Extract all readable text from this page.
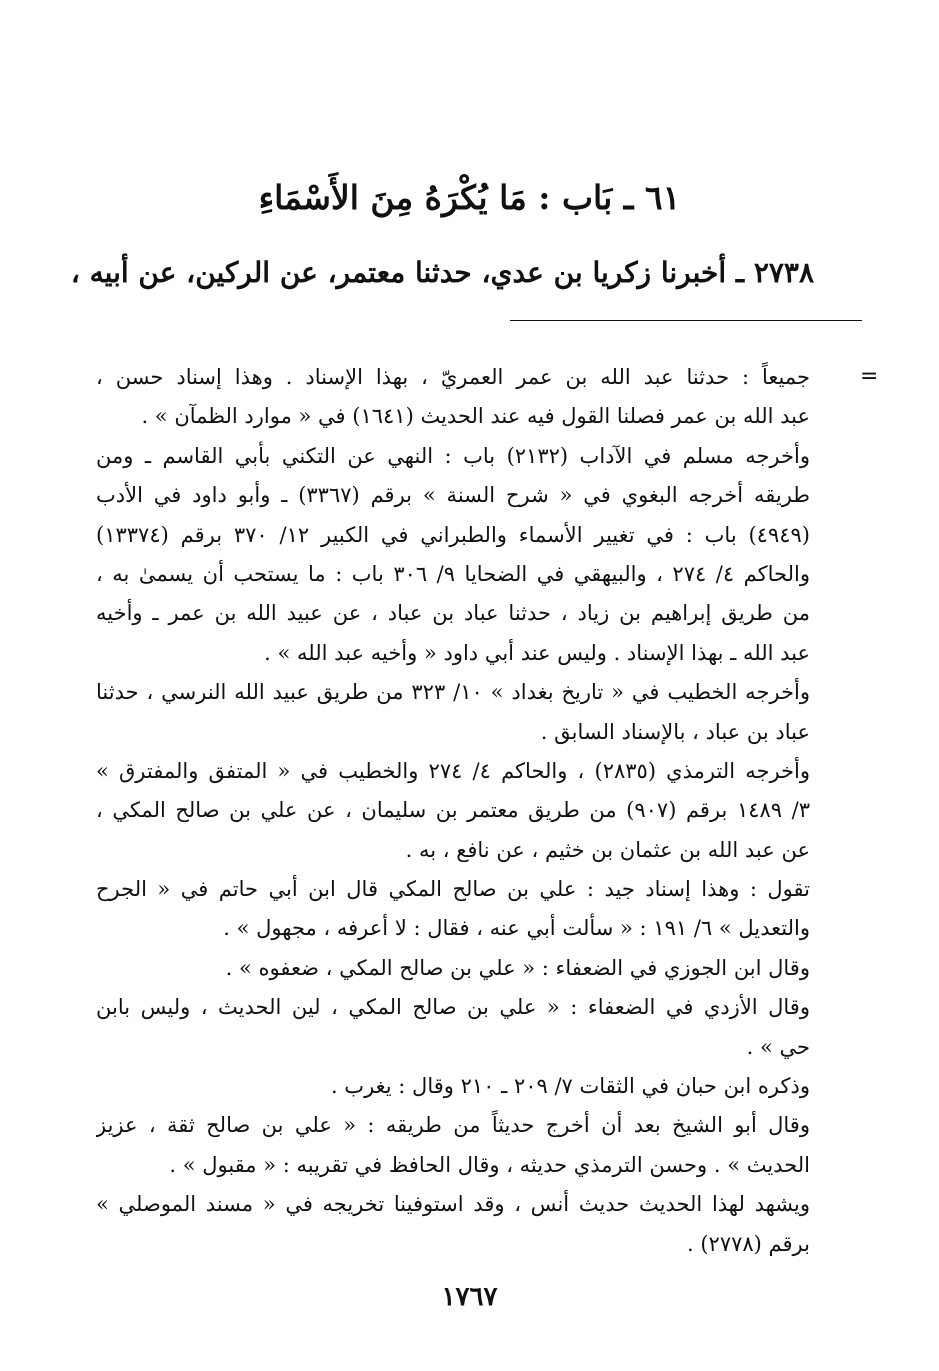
٦١ ـ بَاب : مَا يُكْرَهُ مِنَ الأَسْمَاءِ
٢٧٣٨ ـ أخبرنا زكريا بن عدي، حدثنا معتمر، عن الركين، عن أبيه ،
=
جميعاً : حدثنا عبد الله بن عمر العمريّ ، بهذا الإسناد . وهذا إسناد حسن ،
عبد الله بن عمر فصلنا القول فيه عند الحديث (١٦٤١) في « موارد الظمآن » .
وأخرجه مسلم في الآداب (٢١٣٢) باب : النهي عن التكني بأبي القاسم ـ ومن
طريقه أخرجه البغوي في « شرح السنة » برقم (٣٣٦٧) ـ وأبو داود في الأدب
(٤٩٤٩) باب : في تغيير الأسماء والطبراني في الكبير ١٢/ ٣٧٠ برقم (١٣٣٧٤)
والحاكم ٤/ ٢٧٤ ، والبيهقي في الضحايا ٩/ ٣٠٦ باب : ما يستحب أن يسمىٰ به ،
من طريق إبراهيم بن زياد ، حدثنا عباد بن عباد ، عن عبيد الله بن عمر ـ وأخيه
عبد الله ـ بهذا الإسناد . وليس عند أبي داود « وأخيه عبد الله » .
وأخرجه الخطيب في « تاريخ بغداد » ١٠/ ٣٢٣ من طريق عبيد الله النرسي ، حدثنا
عباد بن عباد ، بالإسناد السابق .
وأخرجه الترمذي (٢٨٣٥) ، والحاكم ٤/ ٢٧٤ والخطيب في « المتفق والمفترق »
٣/ ١٤٨٩ برقم (٩٠٧) من طريق معتمر بن سليمان ، عن علي بن صالح المكي ،
عن عبد الله بن عثمان بن خثيم ، عن نافع ، به .
تقول : وهذا إسناد جيد : علي بن صالح المكي قال ابن أبي حاتم في « الجرح
والتعديل » ٦/ ١٩١ : « سألت أبي عنه ، فقال : لا أعرفه ، مجهول » .
وقال ابن الجوزي في الضعفاء : « علي بن صالح المكي ، ضعفوه » .
وقال الأزدي في الضعفاء : « علي بن صالح المكي ، لين الحديث ، وليس بابن
حي » .
وذكره ابن حبان في الثقات ٧/ ٢٠٩ ـ ٢١٠ وقال : يغرب .
وقال أبو الشيخ بعد أن أخرج حديثاً من طريقه : « علي بن صالح ثقة ، عزيز
الحديث » . وحسن الترمذي حديثه ، وقال الحافظ في تقريبه : « مقبول » .
ويشهد لهذا الحديث حديث أنس ، وقد استوفينا تخريجه في « مسند الموصلي »
برقم (٢٧٧٨) .
١٧٦٧
